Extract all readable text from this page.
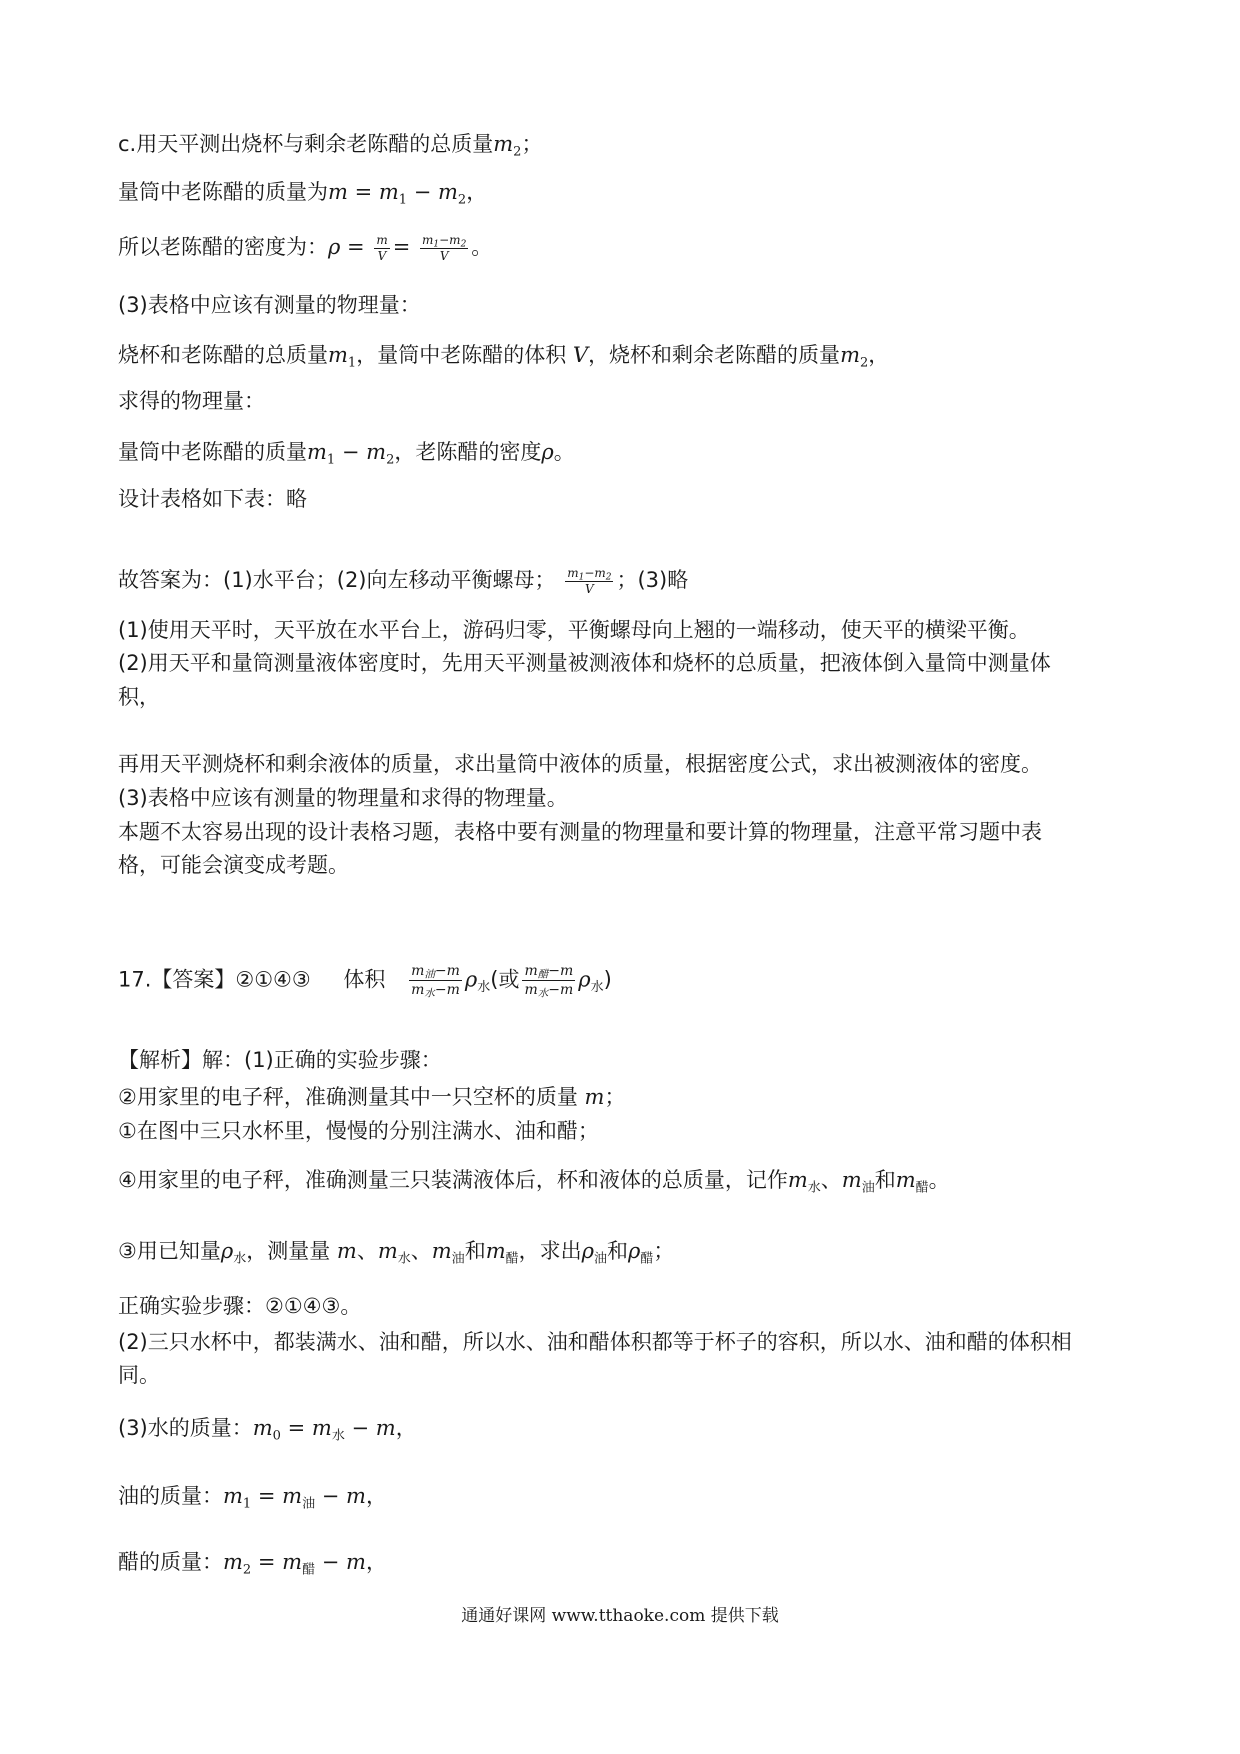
c.用天平测出烧杯与剩余老陈醋的总质量$m_2$；
量筒中老陈醋的质量为$m = m_1 - m_2$，
所以老陈醋的密度为：$\rho = \frac{m}{V} = \frac{m_1-m_2}{V}$ 。
(3)表格中应该有测量的物理量：
烧杯和老陈醋的总质量$m_1$，量筒中老陈醋的体积 V，烧杯和剩余老陈醋的质量$m_2$，
求得的物理量：
量筒中老陈醋的质量$m_1 - m_2$，老陈醋的密度ρ。
设计表格如下表：略
故答案为：(1)水平台；(2)向左移动平衡螺母； $\frac{m_1-m_2}{V}$ ；(3)略
(1)使用天平时，天平放在水平台上，游码归零，平衡螺母向上翘的一端移动，使天平的横梁平衡。
(2)用天平和量筒测量液体密度时，先用天平测量被测液体和烧杯的总质量，把液体倒入量筒中测量体
积，
再用天平测烧杯和剩余液体的质量，求出量筒中液体的质量，根据密度公式，求出被测液体的密度。
(3)表格中应该有测量的物理量和求得的物理量。
本题不太容易出现的设计表格习题，表格中要有测量的物理量和要计算的物理量，注意平常习题中表
格，可能会演变成考题。
17.【答案】②①④③ 体积 $\frac{m_油-m}{m_水-m} \rho_水$(或 $\frac{m_醋-m}{m_水-m} \rho_水$)
【解析】解：(1)正确的实验步骤：
②用家里的电子秤，准确测量其中一只空杯的质量 m；
①在图中三只水杯里，慢慢的分别注满水、油和醋；
④用家里的电子秤，准确测量三只装满液体后，杯和液体的总质量，记作$m_水$、$m_油$和$m_醋$。
③用已知量$\rho_水$，测量量 m、$m_水$、$m_油$和$m_醋$，求出$\rho_油$和$\rho_醋$；
正确实验步骤：②①④③。
(2)三只水杯中，都装满水、油和醋，所以水、油和醋体积都等于杯子的容积，所以水、油和醋的体积相
同。
(3)水的质量：$m_0 = m_水 - m$，
油的质量：$m_1 = m_油 - m$，
醋的质量：$m_2 = m_醋 - m$，
通通好课网 www.tthaoke.com 提供下载
